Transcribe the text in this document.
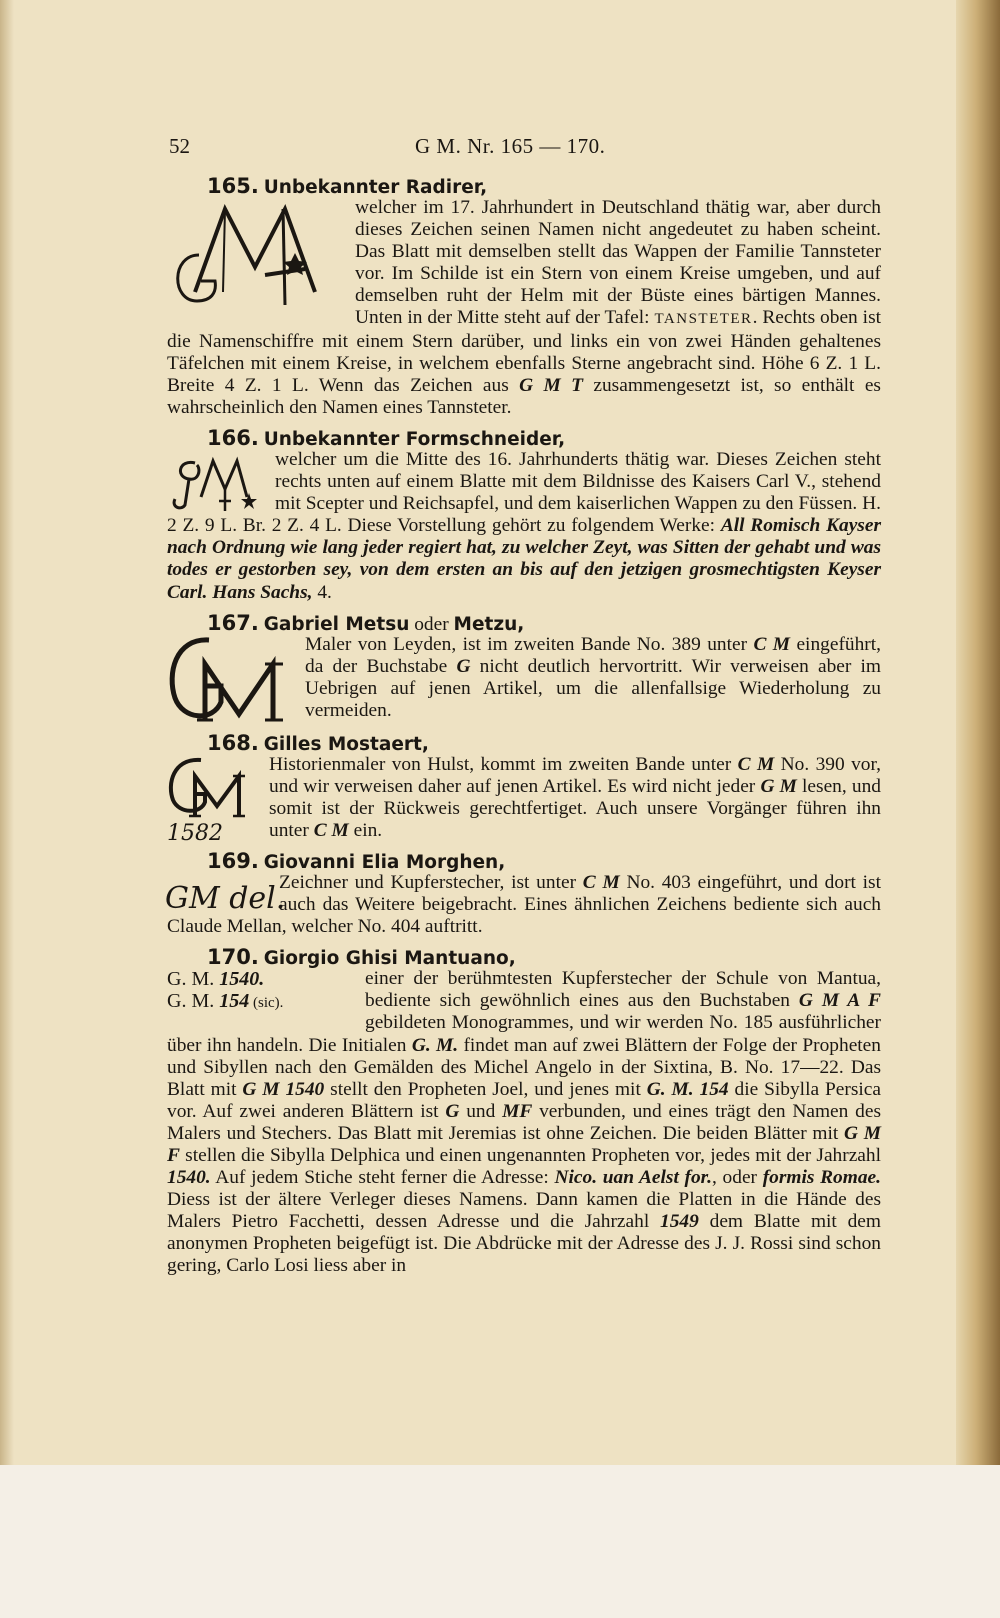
52	G M. Nr. 165 — 170.
165. Unbekannter Radirer,
welcher im 17. Jahrhundert in Deutschland thätig war, aber durch dieses Zeichen seinen Namen nicht angedeutet zu haben scheint. Das Blatt mit demselben stellt das Wappen der Familie Tannsteter vor. Im Schilde ist ein Stern von einem Kreise umgeben, und auf demselben ruht der Helm mit der Büste eines bärtigen Mannes. Unten in der Mitte steht auf der Tafel: TANSTETER. Rechts oben ist die Namenschiffre mit einem Stern darüber, und links ein von zwei Händen gehaltenes Täfelchen mit einem Kreise, in welchem ebenfalls Sterne angebracht sind. Höhe 6 Z. 1 L. Breite 4 Z. 1 L. Wenn das Zeichen aus G M T zusammengesetzt ist, so enthält es wahrscheinlich den Namen eines Tannsteter.
166. Unbekannter Formschneider,
welcher um die Mitte des 16. Jahrhunderts thätig war. Dieses Zeichen steht rechts unten auf einem Blatte mit dem Bildnisse des Kaisers Carl V., stehend mit Scepter und Reichsapfel, und dem kaiserlichen Wappen zu den Füssen. H. 2 Z. 9 L. Br. 2 Z. 4 L. Diese Vorstellung gehört zu folgendem Werke: All Romisch Kayser nach Ordnung wie lang jeder regiert hat, zu welcher Zeyt, was Sitten der gehabt und was todes er gestorben sey, von dem ersten an bis auf den jetzigen grosmechtigsten Keyser Carl. Hans Sachs, 4.
167. Gabriel Metsu oder Metzu,
Maler von Leyden, ist im zweiten Bande No. 389 unter C M eingeführt, da der Buchstabe G nicht deutlich hervortritt. Wir verweisen aber im Uebrigen auf jenen Artikel, um die allenfallsige Wiederholung zu vermeiden.
168. Gilles Mostaert,
1582
Historienmaler von Hulst, kommt im zweiten Bande unter C M No. 390 vor, und wir verweisen daher auf jenen Artikel. Es wird nicht jeder G M lesen, und somit ist der Rückweis gerechtfertiget. Auch unsere Vorgänger führen ihn unter C M ein.
169. Giovanni Elia Morghen,
GM del.
Zeichner und Kupferstecher, ist unter C M No. 403 eingeführt, und dort ist auch das Weitere beigebracht. Eines ähnlichen Zeichens bediente sich auch Claude Mellan, welcher No. 404 auftritt.
170. Giorgio Ghisi Mantuano,
G. M. 1540.
G. M. 154 (sic).
einer der berühmtesten Kupferstecher der Schule von Mantua, bediente sich gewöhnlich eines aus den Buchstaben G M A F gebildeten Monogrammes, und wir werden No. 185 ausführlicher über ihn handeln. Die Initialen G. M. findet man auf zwei Blättern der Folge der Propheten und Sibyllen nach den Gemälden des Michel Angelo in der Sixtina, B. No. 17—22. Das Blatt mit G M 1540 stellt den Propheten Joel, und jenes mit G. M. 154 die Sibylla Persica vor. Auf zwei anderen Blättern ist G und MF verbunden, und eines trägt den Namen des Malers und Stechers. Das Blatt mit Jeremias ist ohne Zeichen. Die beiden Blätter mit G M F stellen die Sibylla Delphica und einen ungenannten Propheten vor, jedes mit der Jahrzahl 1540. Auf jedem Stiche steht ferner die Adresse: Nico. uan Aelst for., oder formis Romae. Diess ist der ältere Verleger dieses Namens. Dann kamen die Platten in die Hände des Malers Pietro Facchetti, dessen Adresse und die Jahrzahl 1549 dem Blatte mit dem anonymen Propheten beigefügt ist. Die Abdrücke mit der Adresse des J. J. Rossi sind schon gering, Carlo Losi liess aber in
